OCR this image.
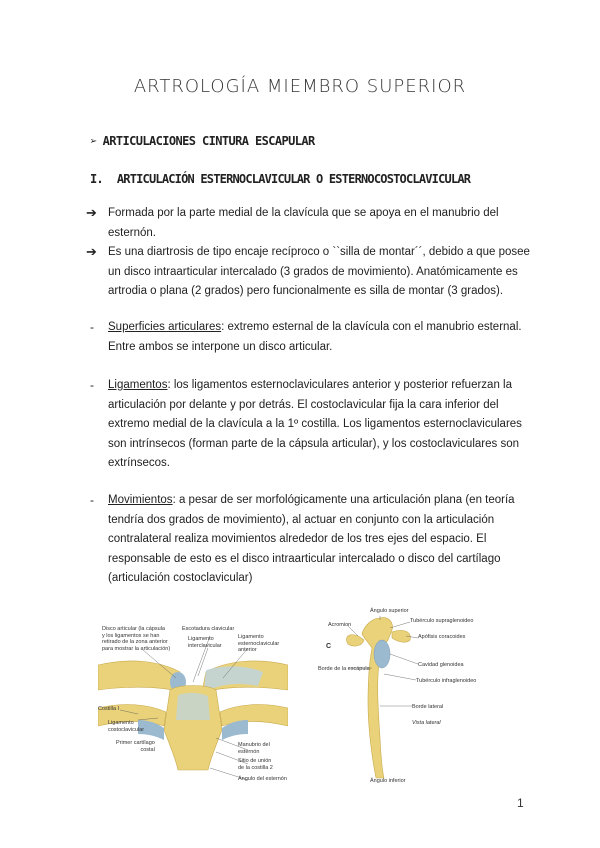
ARTROLOGÍA MIEMBRO SUPERIOR
➢ ARTICULACIONES CINTURA ESCAPULAR
I. ARTICULACIÓN ESTERNOCLAVICULAR O ESTERNOCOSTOCLAVICULAR
➔ Formada por la parte medial de la clavícula que se apoya en el manubrio del
esternón.
➔ Es una diartrosis de tipo encaje recíproco o ``silla de montar´´, debido a que posee
un disco intraarticular intercalado (3 grados de movimiento). Anatómicamente es
artrodia o plana (2 grados) pero funcionalmente es silla de montar (3 grados).
- Superficies articulares: extremo esternal de la clavícula con el manubrio esternal.
Entre ambos se interpone un disco articular.
- Ligamentos: los ligamentos esternoclaviculares anterior y posterior refuerzan la
articulación por delante y por detrás. El costoclavicular fija la cara inferior del
extremo medial de la clavícula a la 1º costilla. Los ligamentos esternoclaviculares
son intrínsecos (forman parte de la cápsula articular), y los costoclaviculares son
extrínsecos.
- Movimientos: a pesar de ser morfológicamente una articulación plana (en teoría
tendría dos grados de movimiento), al actuar en conjunto con la articulación
contralateral realiza movimientos alrededor de los tres ejes del espacio. El
responsable de esto es el disco intraarticular intercalado o disco del cartílago
(articulación costoclavicular)
Disco articular (la cápsula
y los ligamentos se han
retirado de la zona anterior
para mostrar la articulación)
Escotadura clavicular
Ligamento
interclavicular
Ligamento
esternoclavicular
anterior
Costilla I
Ligamento
costoclavicular
Primer cartílago
costal
Manubrio del
esternón
Sitio de unión
de la costilla 2
Ángulo del esternón
Ángulo superior
Tubérculo supraglenoideo
Acromion
Apófisis coracoides
C
Cavidad glenoidea
Borde de la escápula
Tubérculo infraglenoideo
Borde lateral
Vista lateral
Ángulo inferior
1
